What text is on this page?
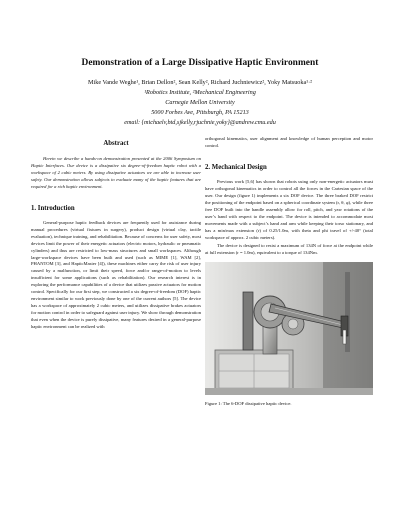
Demonstration of a Large Dissipative Haptic Environment
Mike Vande Weghe¹, Brian Dellon², Sean Kelly², Richard Juchniewicz², Yoky Matsuoka¹·²
¹Robotics Institute, ²Mechanical Engineering
Carnegie Mellon University
5000 Forbes Ave, Pittsburgh, PA 15213
email: {michaelv,btd,sjkelly,rjuchnie,yoky}@andrew.cmu.edu
Abstract

Herein we describe a hands-on demonstration presented at the 2006 Symposium on Haptic Interfaces. Our device is a dissipative six degree-of-freedom haptic robot with a workspace of 2 cubic meters. By using dissipative actuators we are able to increase user safety. Our demonstration allows subjects to evaluate many of the haptic features that are required for a rich haptic environment.

1. Introduction

General-purpose haptic feedback devices are frequently used for assistance during manual procedures (virtual fixtures in surgery), product design (virtual clay, tactile evaluation), technique training, and rehabilitation. Because of concerns for user safety, most devices limit the power of their energetic actuators (electric motors, hydraulic or pneumatic cylinders) and thus are restricted to low-mass structures and small workspaces. Although large-workspace devices have been built and used (such as MIME [1], WAM [2], PHANTOM [3], and HapticMaster [4]), these machines either carry the risk of user injury caused by a malfunction, or limit their speed, force and/or range-of-motion to levels insufficient for some applications (such as rehabilitation). Our research interest is in exploring the performance capabilities of a device that utilizes passive actuators for motion control. Specifically for our first step, we constructed a six degree-of-freedom (DOF) haptic environment similar to work previously done by one of the current authors [5]. The device has a workspace of approximately 2 cubic meters, and utilizes dissipative brakes actuators for motion control in order to safeguard against user injury. We show through demonstration that even when the device is purely dissipative, many features desired in a general-purpose haptic environment can be realized with

orthogonal kinematics, user alignment and knowledge of human perception and motor control.

2. Mechanical Design

Previous work [5,6] has shown that robots using only non-energetic actuators must have orthogonal kinematics in order to control all the forces in the Cartesian space of the user. Our design (figure 1) implements a six DOF device. The three braked DOF restrict the positioning of the endpoint based on a spherical coordinate system (r, θ, φ), while three free DOF built into the handle assembly allow for roll, pitch, and yaw rotations of the user’s hand with respect to the endpoint. The device is intended to accommodate most movements made with a subject’s hand and arm while keeping their torso stationary, and has a min/max extension (r) of 0.25/1.0m, with theta and phi travel of +/-40° (total workspace of approx. 2 cubic meters).

The device is designed to resist a maximum of 134N of force at the endpoint while at full extension (r = 1.0m), equivalent to a torque of 134Nm.

Figure 1: The 6-DOF dissipative haptic device.
